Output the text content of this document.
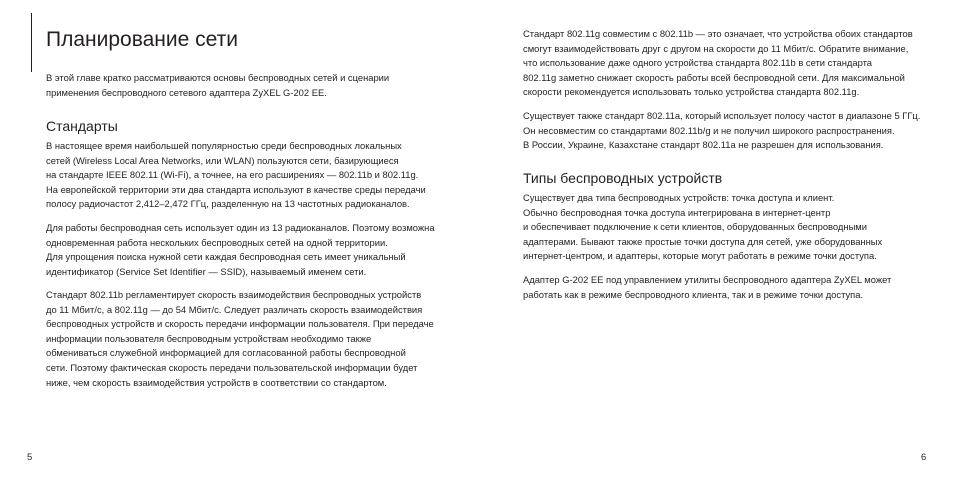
Планирование сети

В этой главе кратко рассматриваются основы беспроводных сетей и сценарии
применения беспроводного сетевого адаптера ZyXEL G-202 EE.

Стандарты

В настоящее время наибольшей популярностью среди беспроводных локальных
сетей (Wireless Local Area Networks, или WLAN) пользуются сети, базирующиеся
на стандарте IEEE 802.11 (Wi-Fi), а точнее, на его расширениях — 802.11b и 802.11g.
На европейской территории эти два стандарта используют в качестве среды передачи
полосу радиочастот 2,412–2,472 ГГц, разделенную на 13 частотных радиоканалов.

Для работы беспроводная сеть использует один из 13 радиоканалов. Поэтому возможна
одновременная работа нескольких беспроводных сетей на одной территории.
Для упрощения поиска нужной сети каждая беспроводная сеть имеет уникальный
идентификатор (Service Set Identifier — SSID), называемый именем сети.

Стандарт 802.11b регламентирует скорость взаимодействия беспроводных устройств
до 11 Мбит/с, а 802.11g — до 54 Мбит/с. Следует различать скорость взаимодействия
беспроводных устройств и скорость передачи информации пользователя. При передаче
информации пользователя беспроводным устройствам необходимо также
обмениваться служебной информацией для согласованной работы беспроводной
сети. Поэтому фактическая скорость передачи пользовательской информации будет
ниже, чем скорость взаимодействия устройств в соответствии со стандартом.

5

Стандарт 802.11g совместим с 802.11b — это означает, что устройства обоих стандартов
смогут взаимодействовать друг с другом на скорости до 11 Мбит/с. Обратите внимание,
что использование даже одного устройства стандарта 802.11b в сети стандарта
802.11g заметно снижает скорость работы всей беспроводной сети. Для максимальной
скорости рекомендуется использовать только устройства стандарта 802.11g.

Существует также стандарт 802.11a, который использует полосу частот в диапазоне 5 ГГц.
Он несовместим со стандартами 802.11b/g и не получил широкого распространения.
В России, Украине, Казахстане стандарт 802.11a не разрешен для использования.

Типы беспроводных устройств

Существует два типа беспроводных устройств: точка доступа и клиент.
Обычно беспроводная точка доступа интегрирована в интернет-центр
и обеспечивает подключение к сети клиентов, оборудованных беспроводными
адаптерами. Бывают также простые точки доступа для сетей, уже оборудованных
интернет-центром, и адаптеры, которые могут работать в режиме точки доступа.

Адаптер G-202 EE под управлением утилиты беспроводного адаптера ZyXEL может
работать как в режиме беспроводного клиента, так и в режиме точки доступа.

6
